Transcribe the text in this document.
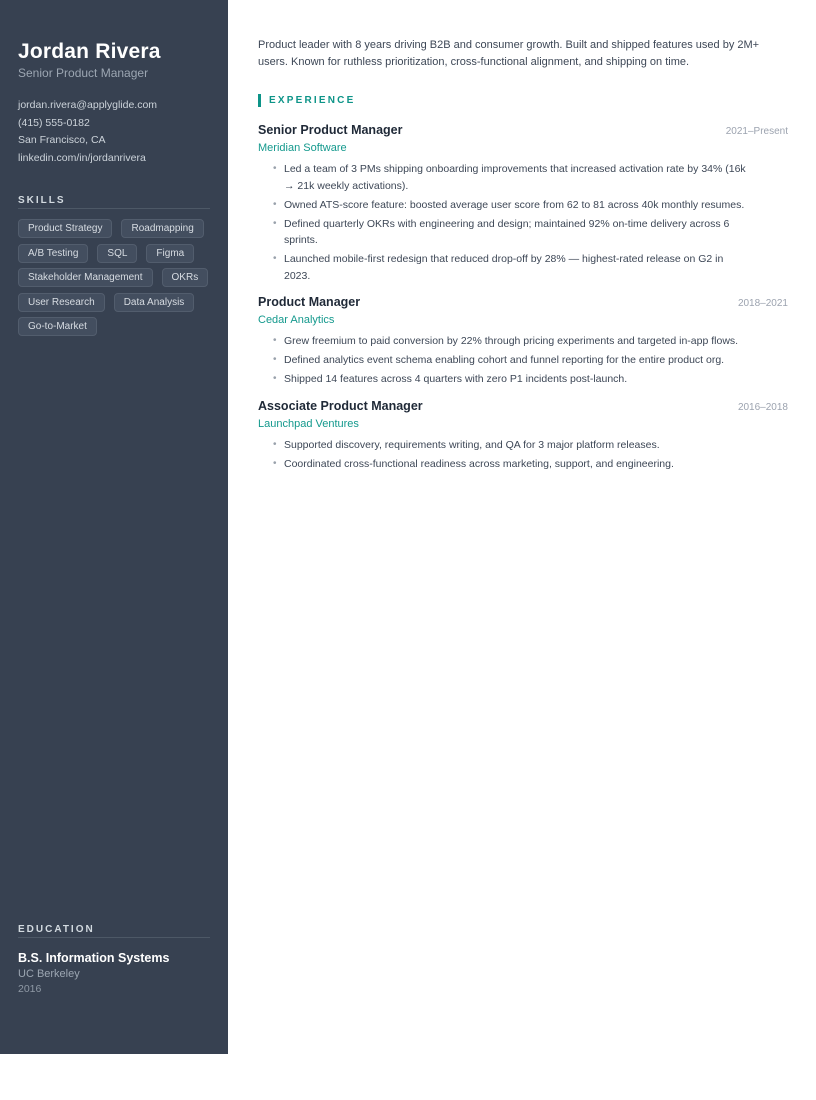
Jordan Rivera
Senior Product Manager
jordan.rivera@applyglide.com
(415) 555-0182
San Francisco, CA
linkedin.com/in/jordanrivera
SKILLS
Product Strategy	Roadmapping
A/B Testing	SQL	Figma
Stakeholder Management	OKRs
User Research	Data Analysis
Go-to-Market
EDUCATION
B.S. Information Systems
UC Berkeley
2016

Product leader with 8 years driving B2B and consumer growth. Built and shipped features used by 2M+ users. Known for ruthless prioritization, cross-functional alignment, and shipping on time.

EXPERIENCE
Senior Product Manager	2021–Present
Meridian Software
• Led a team of 3 PMs shipping onboarding improvements that increased activation rate by 34% (16k → 21k weekly activations).
• Owned ATS-score feature: boosted average user score from 62 to 81 across 40k monthly resumes.
• Defined quarterly OKRs with engineering and design; maintained 92% on-time delivery across 6 sprints.
• Launched mobile-first redesign that reduced drop-off by 28% — highest-rated release on G2 in 2023.
Product Manager	2018–2021
Cedar Analytics
• Grew freemium to paid conversion by 22% through pricing experiments and targeted in-app flows.
• Defined analytics event schema enabling cohort and funnel reporting for the entire product org.
• Shipped 14 features across 4 quarters with zero P1 incidents post-launch.
Associate Product Manager	2016–2018
Launchpad Ventures
• Supported discovery, requirements writing, and QA for 3 major platform releases.
• Coordinated cross-functional readiness across marketing, support, and engineering.
